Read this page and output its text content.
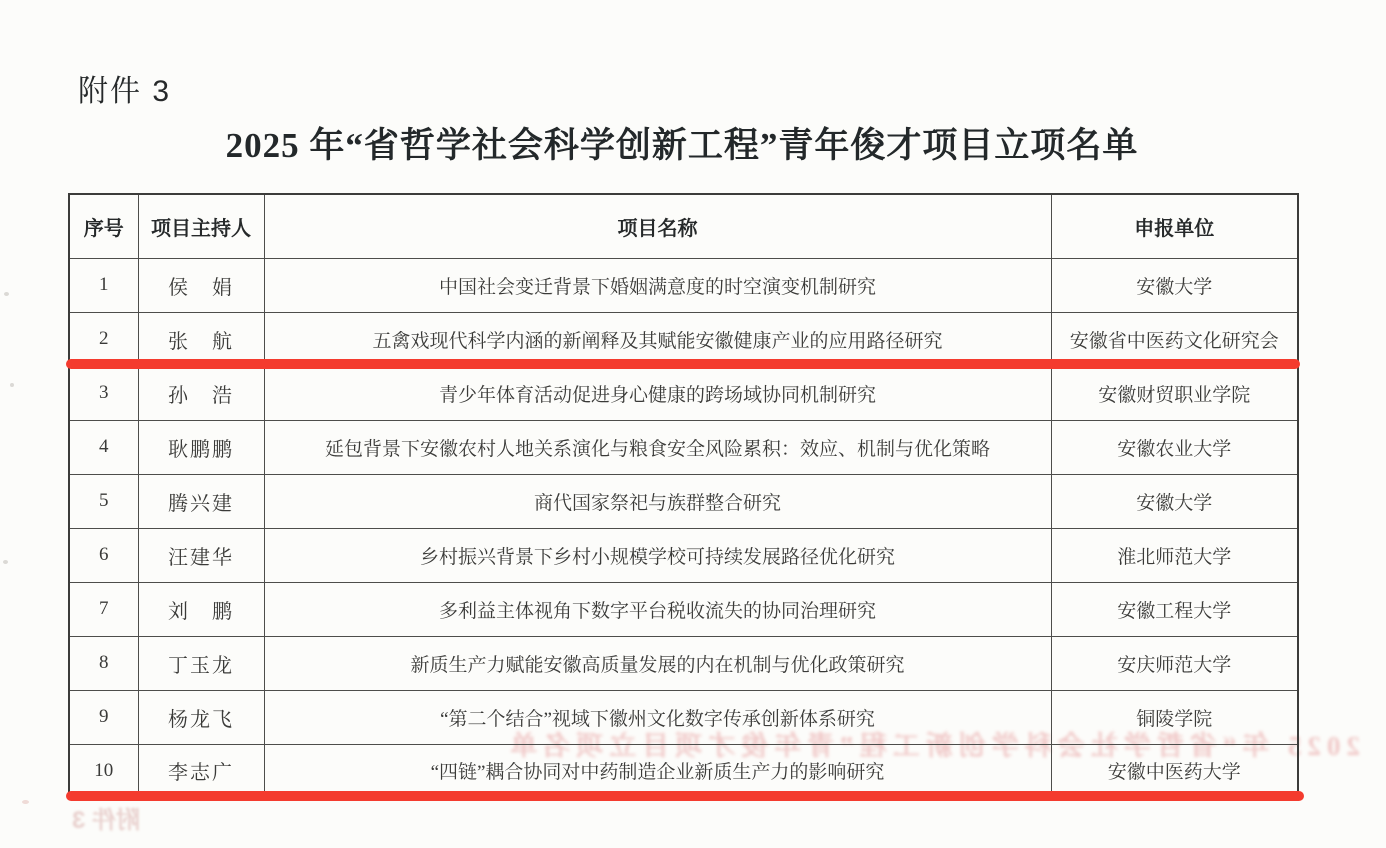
附件 3
2025 年“省哲学社会科学创新工程”青年俊才项目立项名单
序号	项目主持人	项目名称	申报单位
1	侯　娟	中国社会变迁背景下婚姻满意度的时空演变机制研究	安徽大学
2	张　航	五禽戏现代科学内涵的新阐释及其赋能安徽健康产业的应用路径研究	安徽省中医药文化研究会
3	孙　浩	青少年体育活动促进身心健康的跨场域协同机制研究	安徽财贸职业学院
4	耿鹏鹏	延包背景下安徽农村人地关系演化与粮食安全风险累积：效应、机制与优化策略	安徽农业大学
5	腾兴建	商代国家祭祀与族群整合研究	安徽大学
6	汪建华	乡村振兴背景下乡村小规模学校可持续发展路径优化研究	淮北师范大学
7	刘　鹏	多利益主体视角下数字平台税收流失的协同治理研究	安徽工程大学
8	丁玉龙	新质生产力赋能安徽高质量发展的内在机制与优化政策研究	安庆师范大学
9	杨龙飞	“第二个结合”视域下徽州文化数字传承创新体系研究	铜陵学院
10	李志广	“四链”耦合协同对中药制造企业新质生产力的影响研究	安徽中医药大学
2025 年“省哲学社会科学创新工程”青年俊才项目立项名单
附件 3
